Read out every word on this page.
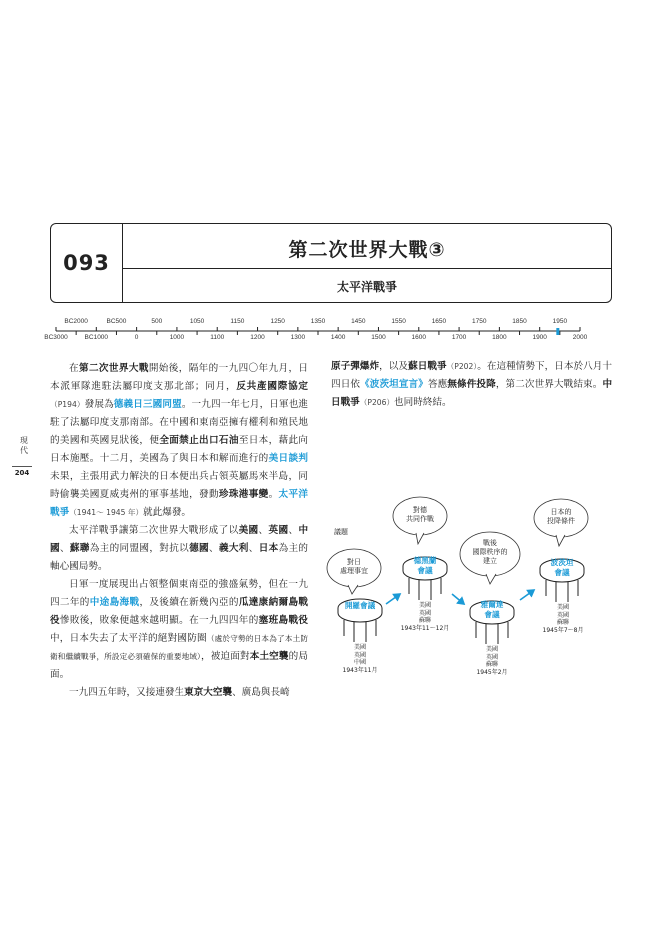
093
第二次世界大戰③
太平洋戰爭
BC3000	BC1000	0	1000	1100	1200	1300	1400	1500	1600	1700	1800	1900	2000
BC2000	BC500	500	1050	1150	1250	1350	1450	1550	1650	1750	1850	1950
現代
204

在第二次世界大戰開始後，隔年的一九四〇年九月，日本派軍隊進駐法屬印度支那北部；同月，反共產國際協定（P194）發展為德義日三國同盟。一九四一年七月，日軍也進駐了法屬印度支那南部。在中國和東南亞擁有權利和殖民地的美國和英國見狀後，便全面禁止出口石油至日本，藉此向日本施壓。十二月，美國為了與日本和解而進行的美日談判未果，主張用武力解決的日本便出兵占領英屬馬來半島，同時偷襲美國夏威夷州的軍事基地，發動珍珠港事變。太平洋戰爭（1941～ 1945 年）就此爆發。

太平洋戰爭讓第二次世界大戰形成了以美國、英國、中國、蘇聯為主的同盟國，對抗以德國、義大利、日本為主的軸心國局勢。

日軍一度展現出占領整個東南亞的強盛氣勢，但在一九四二年的中途島海戰，及後續在新幾內亞的瓜達康納爾島戰役慘敗後，敗象便越來越明顯。在一九四四年的塞班島戰役中，日本失去了太平洋的絕對國防圈（處於守勢的日本為了本土防衛和繼續戰爭，所設定必須確保的重要地域），被迫面對本土空襲的局面。

一九四五年時，又接連發生東京大空襲、廣島與長崎

原子彈爆炸，以及蘇日戰爭（P202）。在這種情勢下，日本於八月十四日依《波茨坦宣言》答應無條件投降，第二次世界大戰結束。中日戰爭（P206）也同時終結。

議題
對日
處理事宜
對德
共同作戰
戰後
國際秩序的
建立
日本的
投降條件
開羅會議
德黑蘭
會議
雅爾達
會議
波茨坦
會議
美國
英國
中國
1943年11月
美國
英國
蘇聯
1943年11～12月
美國
英國
蘇聯
1945年2月
美國
英國
蘇聯
1945年7～8月
